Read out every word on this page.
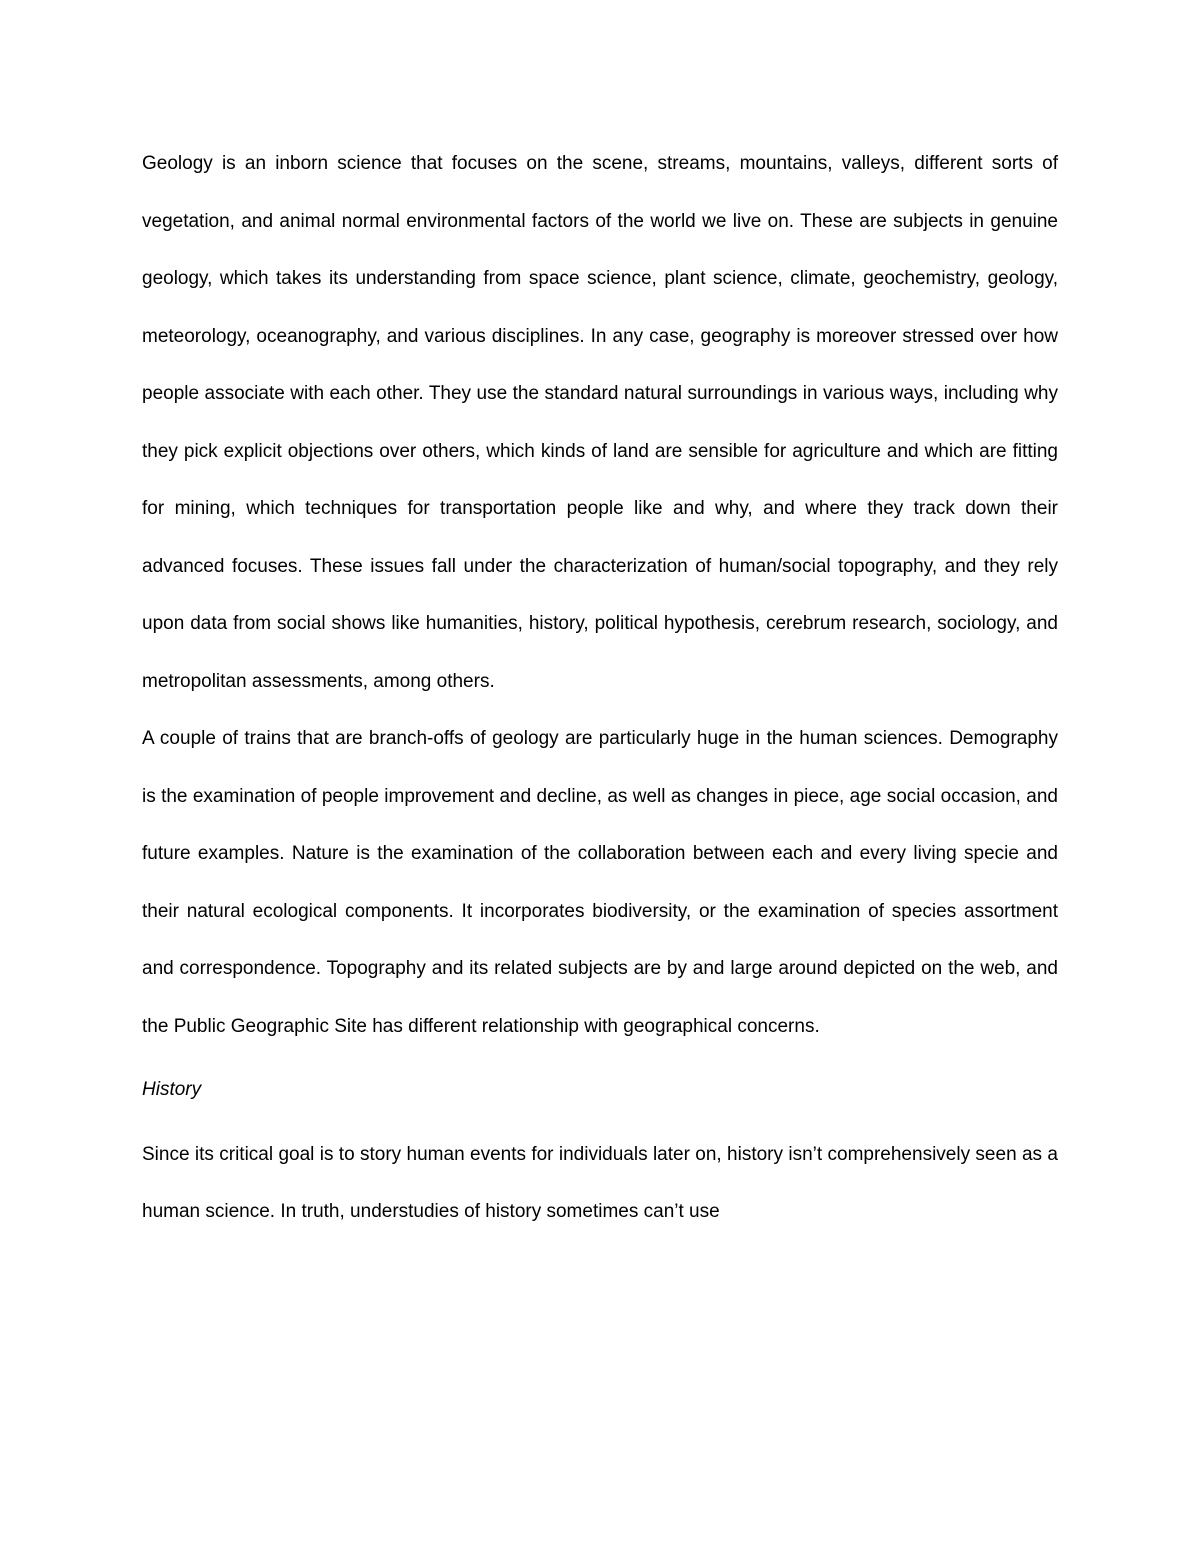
Geology is an inborn science that focuses on the scene, streams, mountains, valleys, different sorts of vegetation, and animal normal environmental factors of the world we live on. These are subjects in genuine geology, which takes its understanding from space science, plant science, climate, geochemistry, geology, meteorology, oceanography, and various disciplines. In any case, geography is moreover stressed over how people associate with each other. They use the standard natural surroundings in various ways, including why they pick explicit objections over others, which kinds of land are sensible for agriculture and which are fitting for mining, which techniques for transportation people like and why, and where they track down their advanced focuses. These issues fall under the characterization of human/social topography, and they rely upon data from social shows like humanities, history, political hypothesis, cerebrum research, sociology, and metropolitan assessments, among others.

A couple of trains that are branch-offs of geology are particularly huge in the human sciences. Demography is the examination of people improvement and decline, as well as changes in piece, age social occasion, and future examples. Nature is the examination of the collaboration between each and every living specie and their natural ecological components. It incorporates biodiversity, or the examination of species assortment and correspondence. Topography and its related subjects are by and large around depicted on the web, and the Public Geographic Site has different relationship with geographical concerns.

History

Since its critical goal is to story human events for individuals later on, history isn’t comprehensively seen as a human science. In truth, understudies of history sometimes can’t use
